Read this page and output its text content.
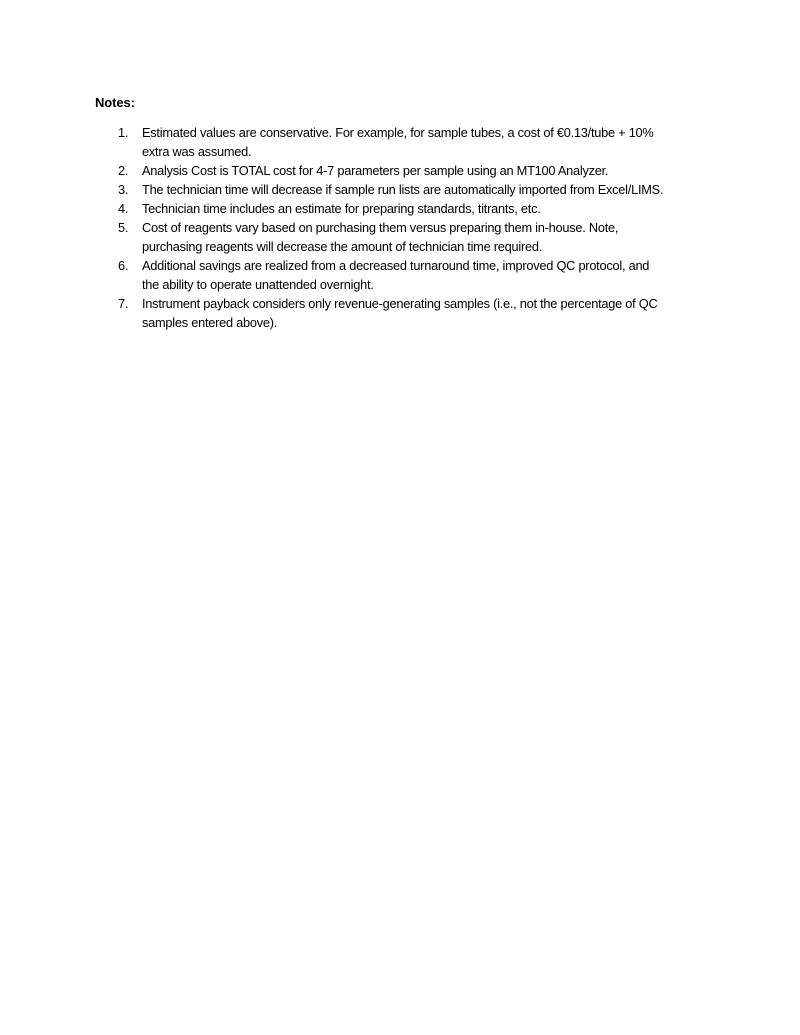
Notes:
1. Estimated values are conservative. For example, for sample tubes, a cost of €0.13/tube + 10%
extra was assumed.
2. Analysis Cost is TOTAL cost for 4-7 parameters per sample using an MT100 Analyzer.
3. The technician time will decrease if sample run lists are automatically imported from Excel/LIMS.
4. Technician time includes an estimate for preparing standards, titrants, etc.
5. Cost of reagents vary based on purchasing them versus preparing them in-house. Note,
purchasing reagents will decrease the amount of technician time required.
6. Additional savings are realized from a decreased turnaround time, improved QC protocol, and
the ability to operate unattended overnight.
7. Instrument payback considers only revenue-generating samples (i.e., not the percentage of QC
samples entered above).
